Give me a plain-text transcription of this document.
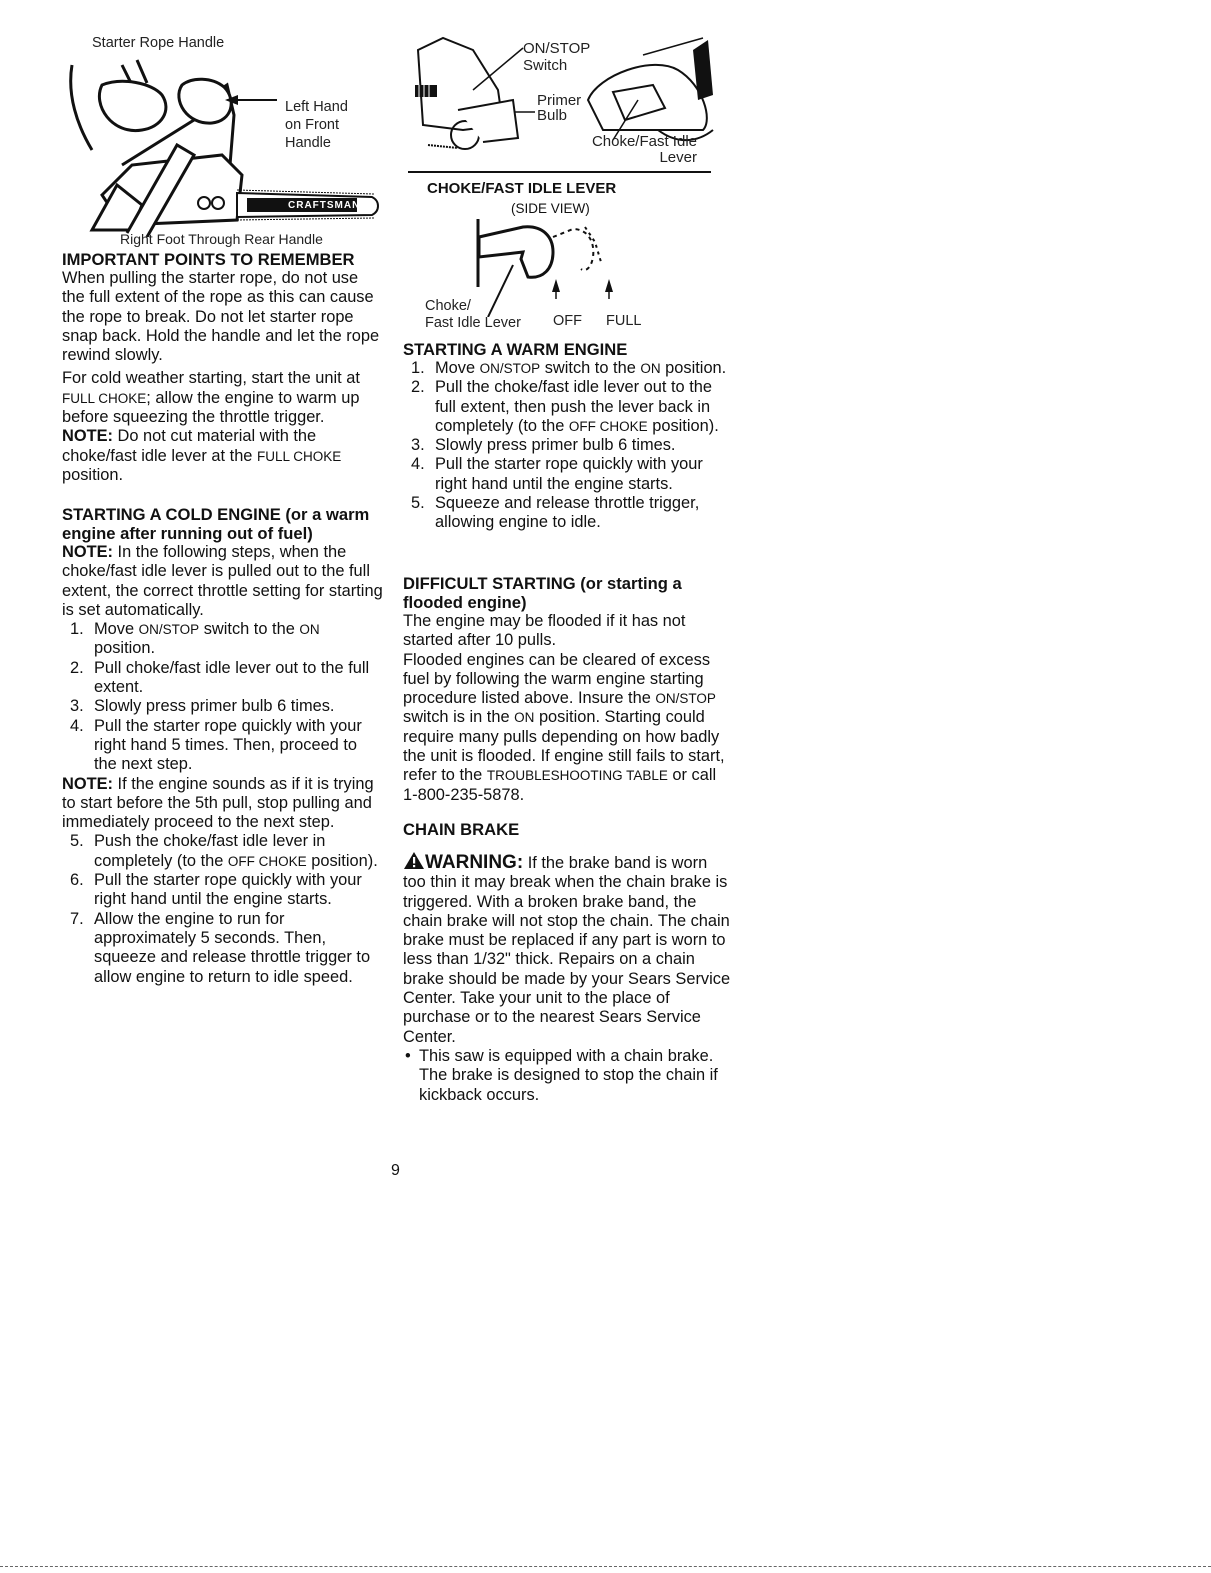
Starter Rope Handle
CRAFTSMAN
Left Hand
on Front
Handle
Right Foot Through Rear Handle
IMPORTANT POINTS TO REMEMBER

When pulling the starter rope, do not use the full extent of the rope as this can cause the rope to break. Do not let starter rope snap back. Hold the handle and let the rope rewind slowly.

For cold weather starting, start the unit at FULL CHOKE; allow the engine to warm up before squeezing the throttle trigger.

NOTE: Do not cut material with the choke/fast idle lever at the FULL CHOKE position.

STARTING A COLD ENGINE (or a warm engine after running out of fuel)

NOTE: In the following steps, when the choke/fast idle lever is pulled out to the full extent, the correct throttle setting for starting is set automatically.

1. Move ON/STOP switch to the ON position.
2. Pull choke/fast idle lever out to the full extent.
3. Slowly press primer bulb 6 times.
4. Pull the starter rope quickly with your right hand 5 times. Then, proceed to the next step.

NOTE: If the engine sounds as if it is trying to start before the 5th pull, stop pulling and immediately proceed to the next step.

5. Push the choke/fast idle lever in completely (to the OFF CHOKE position).
6. Pull the starter rope quickly with your right hand until the engine starts.
7. Allow the engine to run for approximately 5 seconds. Then, squeeze and release throttle trigger to allow engine to return to idle speed.
ON/STOP
Switch
Primer
Bulb
Choke/Fast Idle
Lever
CHOKE/FAST IDLE LEVER
(SIDE VIEW)
Choke/
Fast Idle Lever OFF FULL
STARTING A WARM ENGINE
1. Move ON/STOP switch to the ON position.
2. Pull the choke/fast idle lever out to the full extent, then push the lever back in completely (to the OFF CHOKE position).
3. Slowly press primer bulb 6 times.
4. Pull the starter rope quickly with your right hand until the engine starts.
5. Squeeze and release throttle trigger, allowing engine to idle.
DIFFICULT STARTING (or starting a flooded engine)

The engine may be flooded if it has not started after 10 pulls.

Flooded engines can be cleared of excess fuel by following the warm engine starting procedure listed above. Insure the ON/STOP switch is in the ON position. Starting could require many pulls depending on how badly the unit is flooded. If engine still fails to start, refer to the TROUBLESHOOTING TABLE or call 1-800-235-5878.

CHAIN BRAKE

WARNING: If the brake band is worn too thin it may break when the chain brake is triggered. With a broken brake band, the chain brake will not stop the chain. The chain brake must be replaced if any part is worn to less than 1/32" thick. Repairs on a chain brake should be made by your Sears Service Center. Take your unit to the place of purchase or to the nearest Sears Service Center.

• This saw is equipped with a chain brake. The brake is designed to stop the chain if kickback occurs.

9
